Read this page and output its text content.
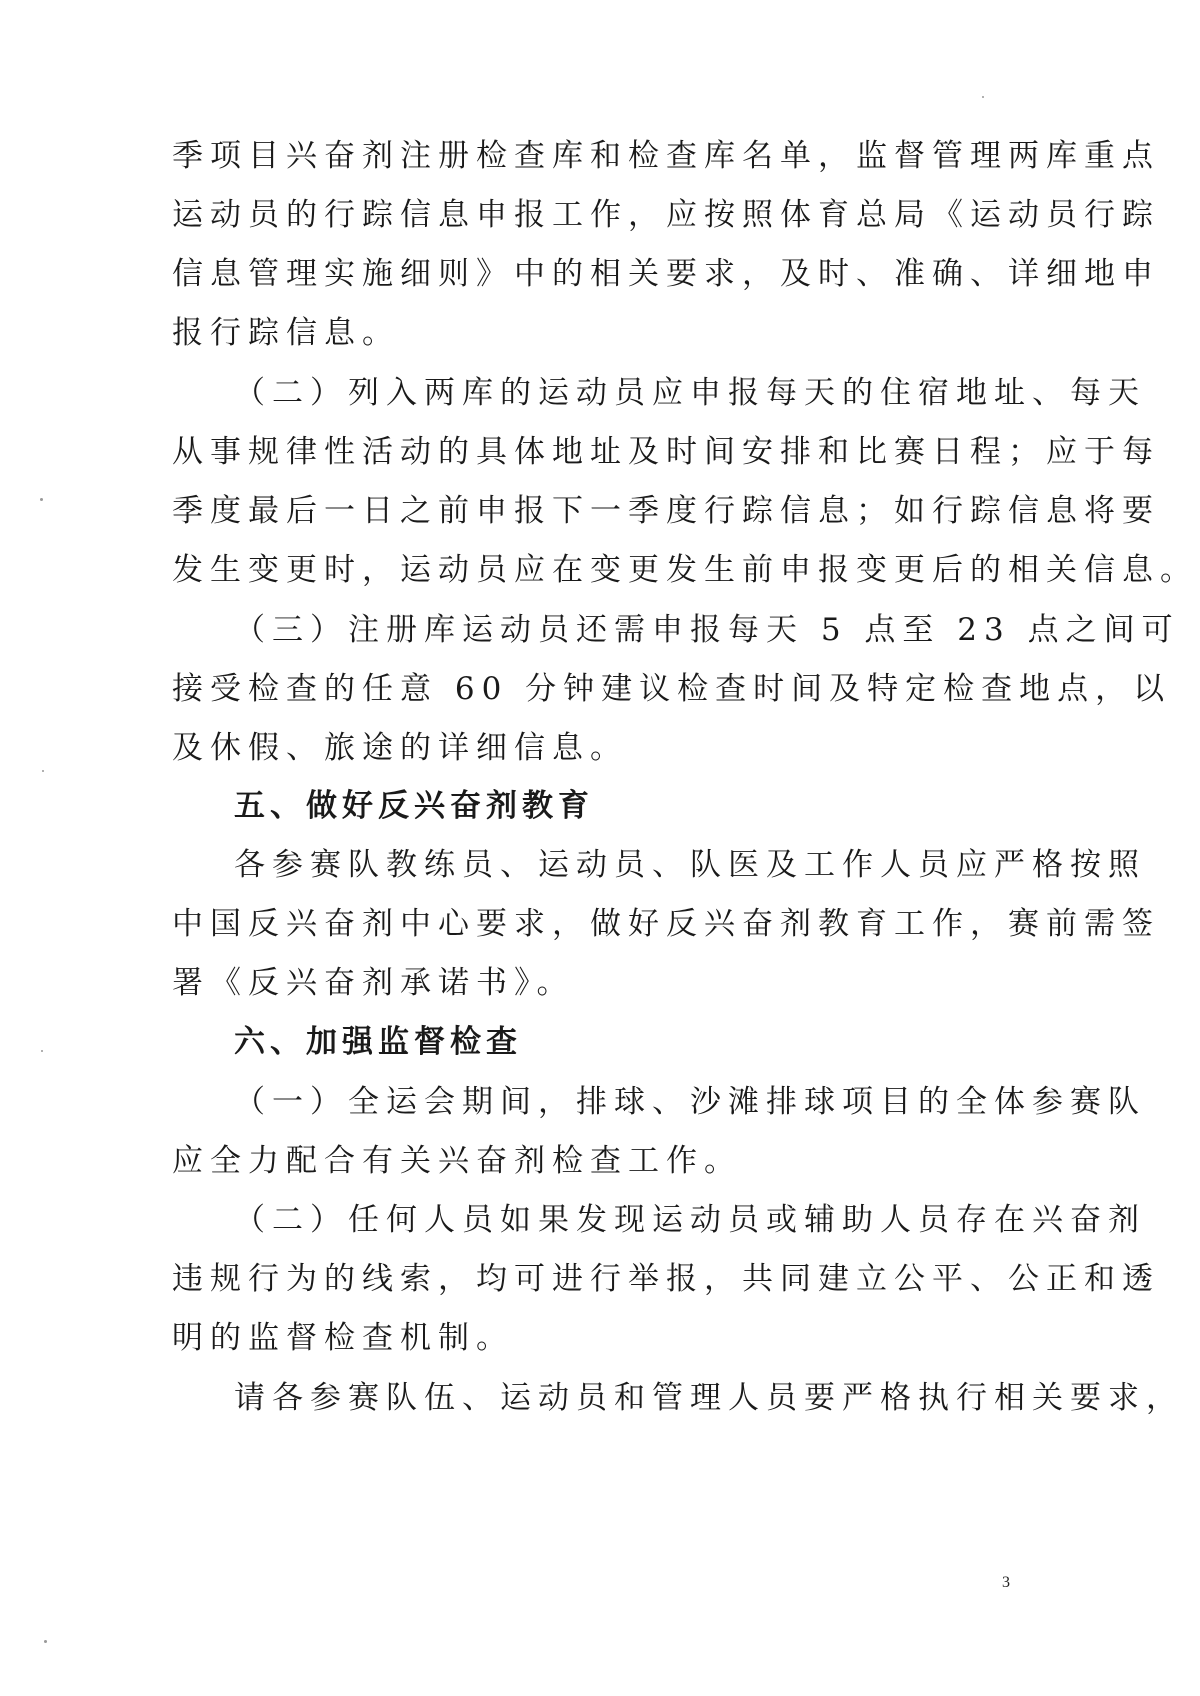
季项目兴奋剂注册检查库和检查库名单，监督管理两库重点
运动员的行踪信息申报工作，应按照体育总局《运动员行踪
信息管理实施细则》中的相关要求，及时、准确、详细地申
报行踪信息。
（二）列入两库的运动员应申报每天的住宿地址、每天
从事规律性活动的具体地址及时间安排和比赛日程；应于每
季度最后一日之前申报下一季度行踪信息；如行踪信息将要
发生变更时，运动员应在变更发生前申报变更后的相关信息。
（三）注册库运动员还需申报每天 5 点至 23 点之间可
接受检查的任意 60 分钟建议检查时间及特定检查地点，以
及休假、旅途的详细信息。
五、做好反兴奋剂教育
各参赛队教练员、运动员、队医及工作人员应严格按照
中国反兴奋剂中心要求，做好反兴奋剂教育工作，赛前需签
署《反兴奋剂承诺书》。
六、加强监督检查
（一）全运会期间，排球、沙滩排球项目的全体参赛队
应全力配合有关兴奋剂检查工作。
（二）任何人员如果发现运动员或辅助人员存在兴奋剂
违规行为的线索，均可进行举报，共同建立公平、公正和透
明的监督检查机制。
请各参赛队伍、运动员和管理人员要严格执行相关要求，
3
